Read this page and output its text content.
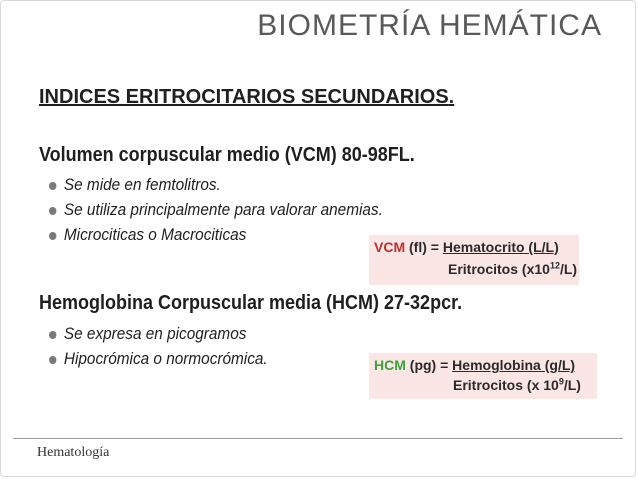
BIOMETRÍA HEMÁTICA
INDICES ERITROCITARIOS SECUNDARIOS.
Volumen corpuscular medio (VCM) 80-98FL.
Se mide en femtolitros.
Se utiliza principalmente para valorar anemias.
Microciticas o Macrociticas
VCM (fl) = Hematocrito (L/L)
Eritrocitos $(x10^{12}/L)$
Hemoglobina Corpuscular media (HCM) 27-32pcr.
Se expresa en picogramos
Hipocrómica o normocrómica.	HCM (pg) = Hemoglobina (g/L)
Eritrocitos (x $10^9/L$)
Hematología
